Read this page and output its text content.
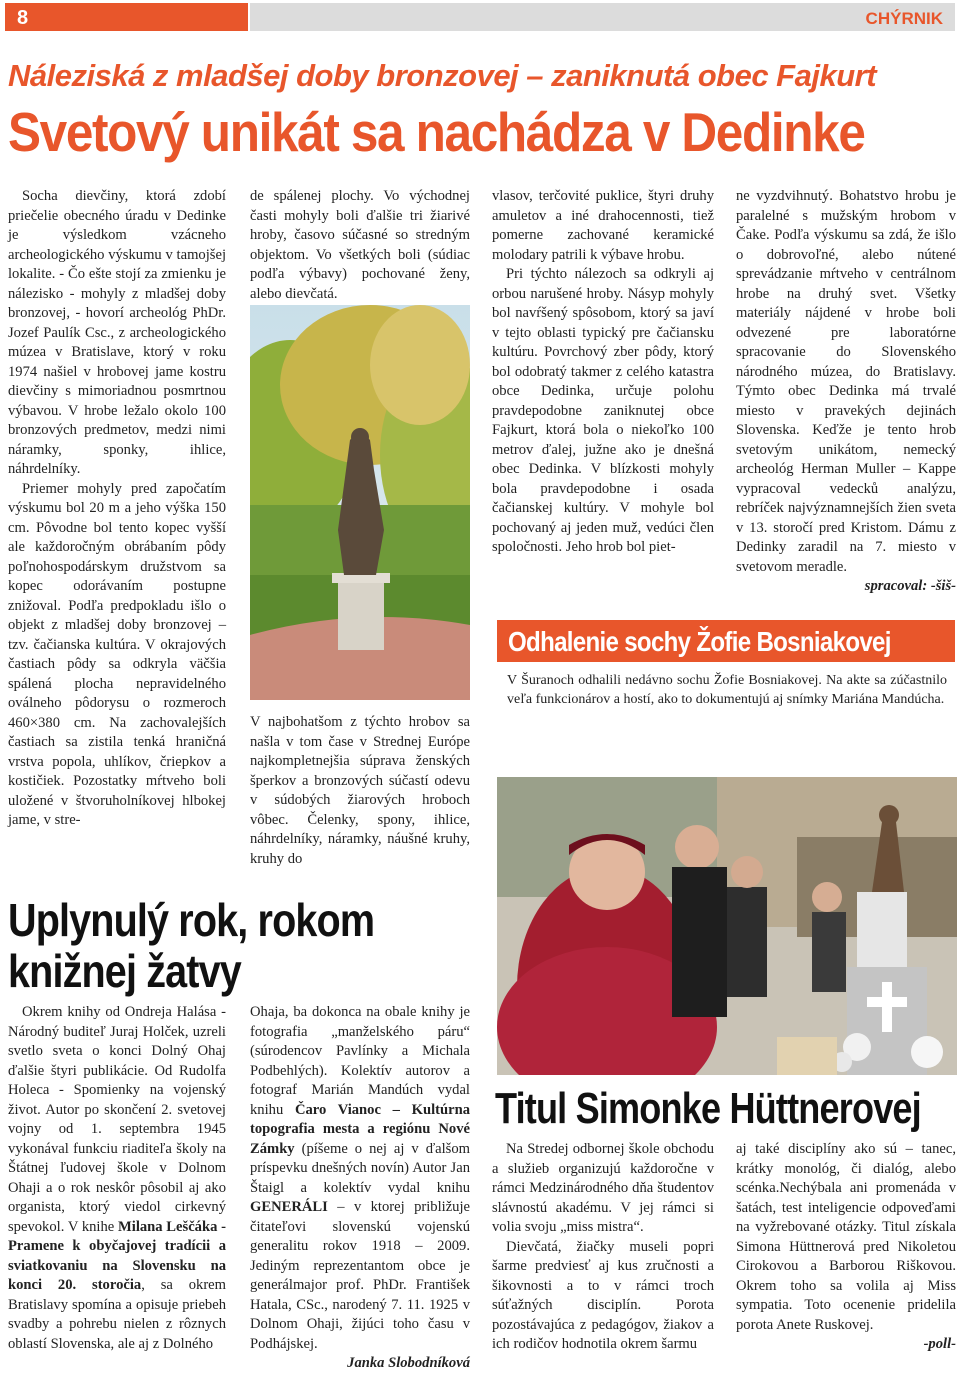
8	CHÝRNIK
Náleziská z mladšej doby bronzovej – zaniknutá obec Fajkurt
Svetový unikát sa nachádza v Dedinke

Socha dievčiny, ktorá zdobí priečelie obecného úradu v Dedinke je výsledkom vzácneho archeologického výskumu v tamojšej lokalite. - Čo ešte stojí za zmienku je nálezisko - mohyly z mladšej doby bronzovej, - hovorí archeológ PhDr. Jozef Paulík Csc., z archeologického múzea v Bratislave, ktorý v roku 1974 našiel v hrobovej jame kostru dievčiny s mimoriadnou posmrtnou výbavou. V hrobe ležalo okolo 100 bronzových predmetov, medzi nimi náramky, sponky, ihlice, náhrdelníky.

Priemer mohyly pred započatím výskumu bol 20 m a jeho výška 150 cm. Pôvodne bol tento kopec vyšší ale každoročným obrábaním pôdy poľnohospodárskym družstvom sa kopec odorávaním postupne znižoval. Podľa predpokladu išlo o objekt z mladšej doby bronzovej – tzv. čačianska kultúra. V okrajových častiach pôdy sa odkryla väčšia spálená plocha nepravidelného oválneho pôdorysu o rozmeroch 460×380 cm. Na zachovalejších častiach sa zistila tenká hraničná vrstva popola, uhlíkov, čriepkov a kostičiek. Pozostatky mŕtveho boli uložené v štvoruholníkovej hlbokej jame, v stre-

de spálenej plochy. Vo východnej časti mohyly boli ďalšie tri žiarivé hroby, časovo súčasné so stredným objektom. Vo všetkých boli (súdiac podľa výbavy) pochované ženy, alebo dievčatá.

V najbohatšom z týchto hrobov sa našla v tom čase v Strednej Európe najkompletnejšia súprava ženských šperkov a bronzových súčastí odevu v súdobých žiarových hroboch vôbec. Čelenky, spony, ihlice, náhrdelníky, náramky, náušné kruhy, kruhy do

vlasov, terčovité puklice, štyri druhy amuletov a iné drahocennosti, tiež pomerne zachované keramické molodary patrili k výbave hrobu.

Pri týchto nálezoch sa odkryli aj orbou narušené hroby. Násyp mohyly bol navŕšený spôsobom, ktorý sa javí v tejto oblasti typický pre čačiansku kultúru. Povrchový zber pôdy, ktorý bol odobratý takmer z celého katastra obce Dedinka, určuje polohu pravdepodobne zaniknutej obce Fajkurt, ktorá bola o niekoľko 100 metrov ďalej, južne ako je dnešná obec Dedinka. V blízkosti mohyly bola pravdepodobne i osada čačianskej kultúry. V mohyle bol pochovaný aj jeden muž, vedúci člen spoločnosti. Jeho hrob bol piet-

ne vyzdvihnutý. Bohatstvo hrobu je paralelné s mužským hrobom v Čake. Podľa výskumu sa zdá, že išlo o dobrovoľné, alebo nútené sprevádzanie mŕtveho v centrálnom hrobe na druhý svet. Všetky materiály nájdené v hrobe boli odvezené pre laboratórne spracovanie do Slovenského národného múzea, do Bratislavy. Týmto obec Dedinka má trvalé miesto v pravekých dejinách Slovenska. Keďže je tento hrob svetovým unikátom, nemecký archeológ Herman Muller – Kappe vypracoval vedecků analýzu, rebríček najvýznamnejších žien sveta v 13. storočí pred Kristom. Dámu z Dedinky zaradil na 7. miesto v svetovom meradle.

spracoval: -šiš-

Odhalenie sochy Žofie Bosniakovej

V Šuranoch odhalili nedávno sochu Žofie Bosniakovej. Na akte sa zúčastnilo veľa funkcionárov a hostí, ako to dokumentujú aj snímky Mariána Mandúcha.

Uplynulý rok, rokom
knižnej žatvy

Okrem knihy od Ondreja Halása - Národný buditeľ Juraj Holček, uzreli svetlo sveta o konci Dolný Ohaj ďalšie štyri publikácie. Od Rudolfa Holeca - Spomienky na vojenský život. Autor po skončení 2. svetovej vojny od 1. septembra 1945 vykonával funkciu riaditeľa školy na Štátnej ľudovej škole v Dolnom Ohaji a o rok neskôr pôsobil aj ako organista, ktorý viedol cirkevný spevokol. V knihe Milana Leščáka - Pramene k obyčajovej tradícii a sviatkovaniu na Slovensku na konci 20. storočia, sa okrem Bratislavy spomína a opisuje priebeh svadby a pohrebu nielen z rôznych oblastí Slovenska, ale aj z Dolného

Ohaja, ba dokonca na obale knihy je fotografia „manželského páru“ (súrodencov Pavlínky a Michala Podbehlých). Kolektív autorov a fotograf Marián Mandúch vydal knihu Čaro Vianoc – Kultúrna topografia mesta a regiónu Nové Zámky (píšeme o nej aj v ďalšom príspevku dnešných novín) Autor Jan Štaigl a kolektív vydal knihu GENERÁLI – v ktorej približuje čitateľovi slovenskú vojenskú generalitu rokov 1918 – 2009. Jediným reprezentantom obce je generálmajor prof. PhDr. František Hatala, CSc., narodený 7. 11. 1925 v Dolnom Ohaji, žijúci toho času v Podhájskej.

Janka Slobodníková

Titul Simonke Hüttnerovej

Na Stredej odbornej škole obchodu a služieb organizujú každoročne v rámci Medzinárodného dňa študentov slávnostú akadému. V jej rámci si volia svoju „miss mistra“.

Dievčatá, žiačky museli popri šarme predviesť aj kus zručnosti a šikovnosti a to v rámci troch súťažných disciplín. Porota pozostávajúca z pedagógov, žiakov a ich rodičov hodnotila okrem šarmu

aj také disciplíny ako sú – tanec, krátky monológ, či dialóg, alebo scénka.Nechýbala ani promenáda v šatách, test inteligencie odpoveďami na vyžrebované otázky. Titul získala Simona Hüttnerová pred Nikoletou Cirokovou a Barborou Riškovou. Okrem toho sa volila aj Miss sympatia. Toto ocenenie pridelila porota Anete Ruskovej.

-poll-
